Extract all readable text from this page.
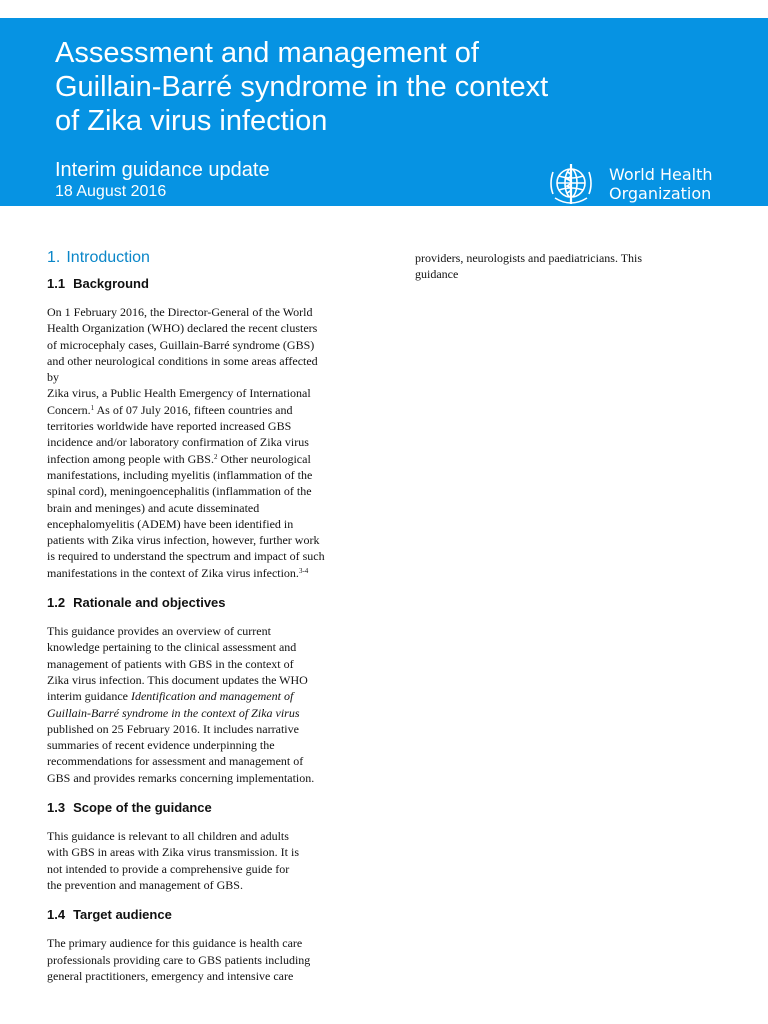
Assessment and management of
Guillain-Barré syndrome in the context
of Zika virus infection
Interim guidance update
18 August 2016
World Health
Organization
1. Introduction
1.1 Background
On 1 February 2016, the Director-General of the World
Health Organization (WHO) declared the recent clusters
of microcephaly cases, Guillain-Barré syndrome (GBS)
and other neurological conditions in some areas affected
by
Zika virus, a Public Health Emergency of International
Concern.$^1$ As of 07 July 2016, fifteen countries and
territories worldwide have reported increased GBS
incidence and/or laboratory confirmation of Zika virus
infection among people with GBS.$^2$ Other neurological
manifestations, including myelitis (inflammation of the
spinal cord), meningoencephalitis (inflammation of the
brain and meninges) and acute disseminated
encephalomyelitis (ADEM) have been identified in
patients with Zika virus infection, however, further work
is required to understand the spectrum and impact of such
manifestations in the context of Zika virus infection.$^{3-4}$
1.2 Rationale and objectives
This guidance provides an overview of current
knowledge pertaining to the clinical assessment and
management of patients with GBS in the context of
Zika virus infection. This document updates the WHO
interim guidance Identification and management of
Guillain-Barré syndrome in the context of Zika virus
published on 25 February 2016. It includes narrative
summaries of recent evidence underpinning the
recommendations for assessment and management of
GBS and provides remarks concerning implementation.
1.3 Scope of the guidance
This guidance is relevant to all children and adults
with GBS in areas with Zika virus transmission. It is
not intended to provide a comprehensive guide for
the prevention and management of GBS.
1.4 Target audience
The primary audience for this guidance is health care
professionals providing care to GBS patients including
general practitioners, emergency and intensive care
providers, neurologists and paediatricians. This
guidance
